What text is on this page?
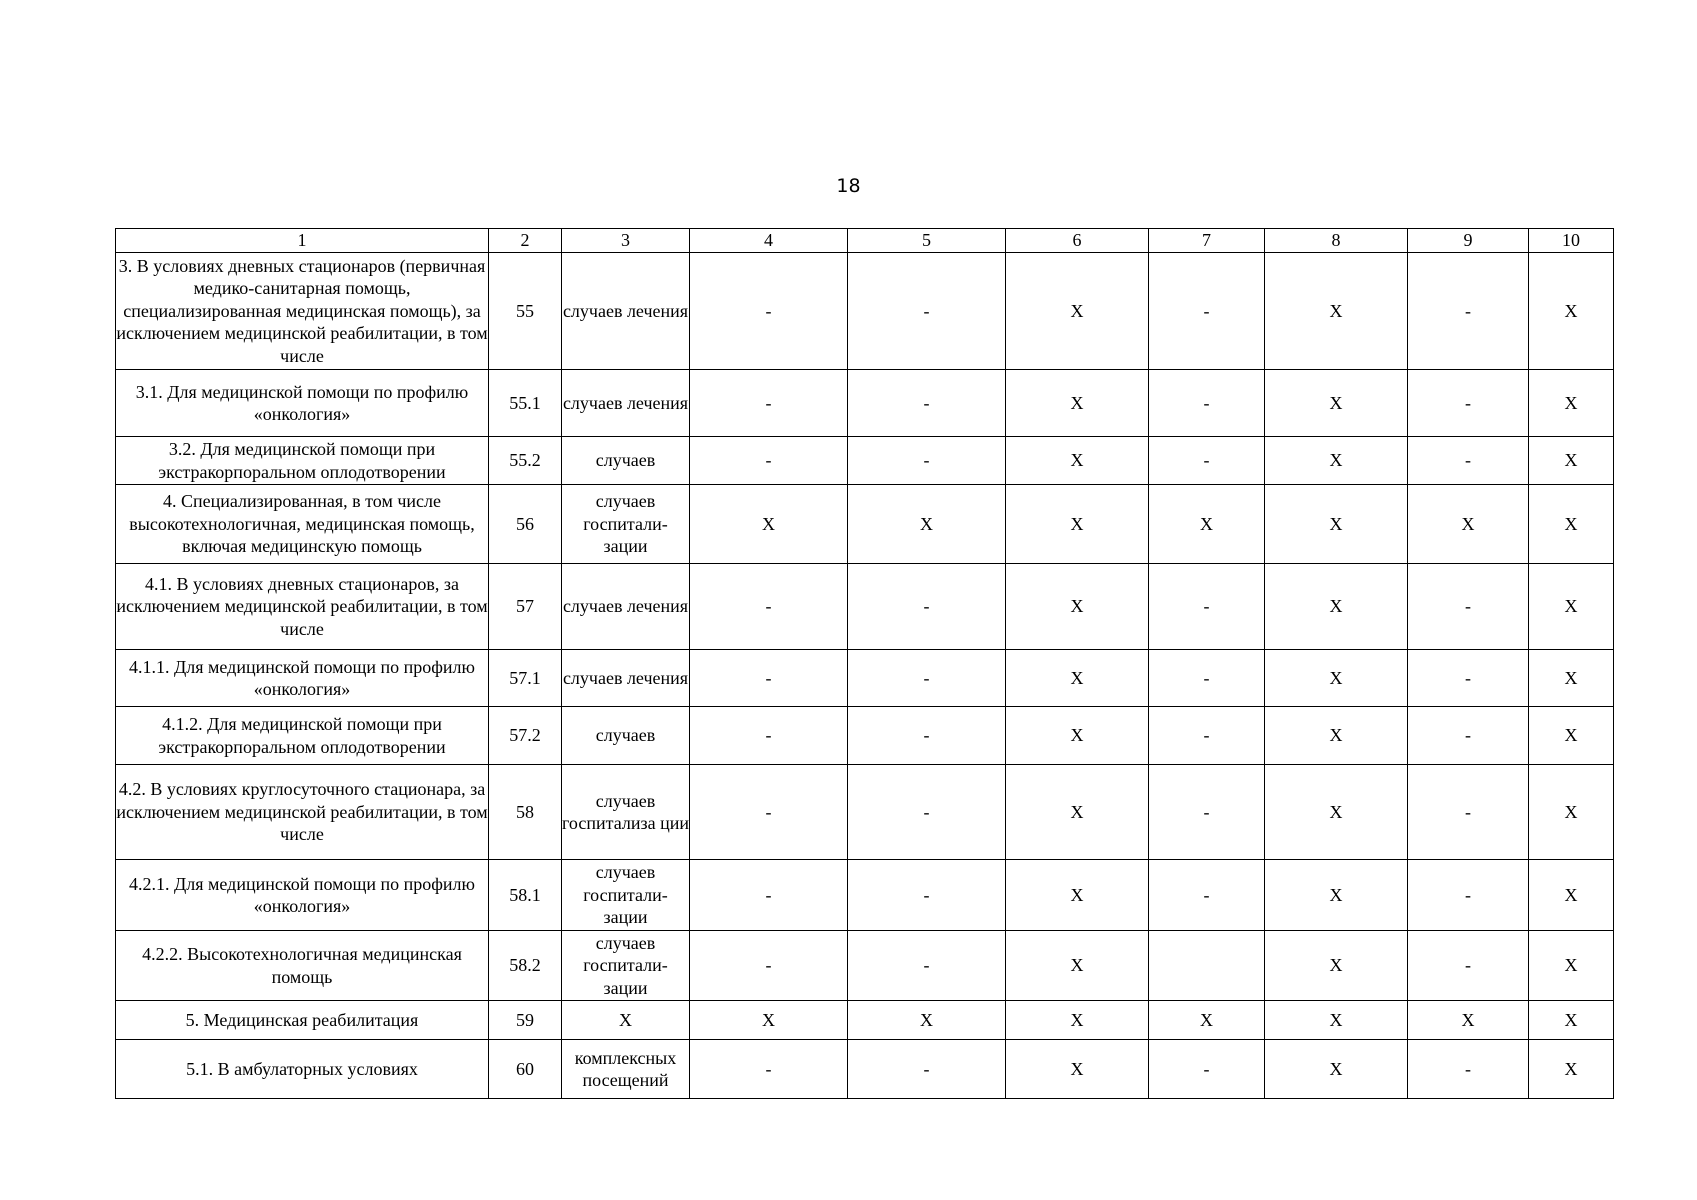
18
1	2	3	4	5	6	7	8	9	10
3. В условиях дневных стационаров (первичная медико-санитарная помощь, специализированная медицинская помощь), за исключением медицинской реабилитации, в том числе	55	случаев лечения	-	-	Х	-	Х	-	Х
3.1. Для медицинской помощи по профилю «онкология»	55.1	случаев лечения	-	-	Х	-	Х	-	Х
3.2. Для медицинской помощи при экстракорпоральном оплодотворении	55.2	случаев	-	-	Х	-	Х	-	Х
4. Специализированная, в том числе высокотехнологичная, медицинская помощь, включая медицинскую помощь	56	случаев госпитали-зации	Х	Х	Х	Х	Х	Х	Х
4.1. В условиях дневных стационаров, за исключением медицинской реабилитации, в том числе	57	случаев лечения	-	-	Х	-	Х	-	Х
4.1.1. Для медицинской помощи по профилю «онкология»	57.1	случаев лечения	-	-	Х	-	Х	-	Х
4.1.2. Для медицинской помощи при экстракорпоральном оплодотворении	57.2	случаев	-	-	Х	-	Х	-	Х
4.2. В условиях круглосуточного стационара, за исключением медицинской реабилитации, в том числе	58	случаев госпитализа ции	-	-	Х	-	Х	-	Х
4.2.1. Для медицинской помощи по профилю «онкология»	58.1	случаев госпитали-зации	-	-	Х	-	Х	-	Х
4.2.2. Высокотехнологичная медицинская помощь	58.2	случаев госпитали-зации	-	-	Х		Х	-	Х
5. Медицинская реабилитация	59	Х	Х	Х	Х	Х	Х	Х	Х
5.1. В амбулаторных условиях	60	комплексных посещений	-	-	Х	-	Х	-	Х
